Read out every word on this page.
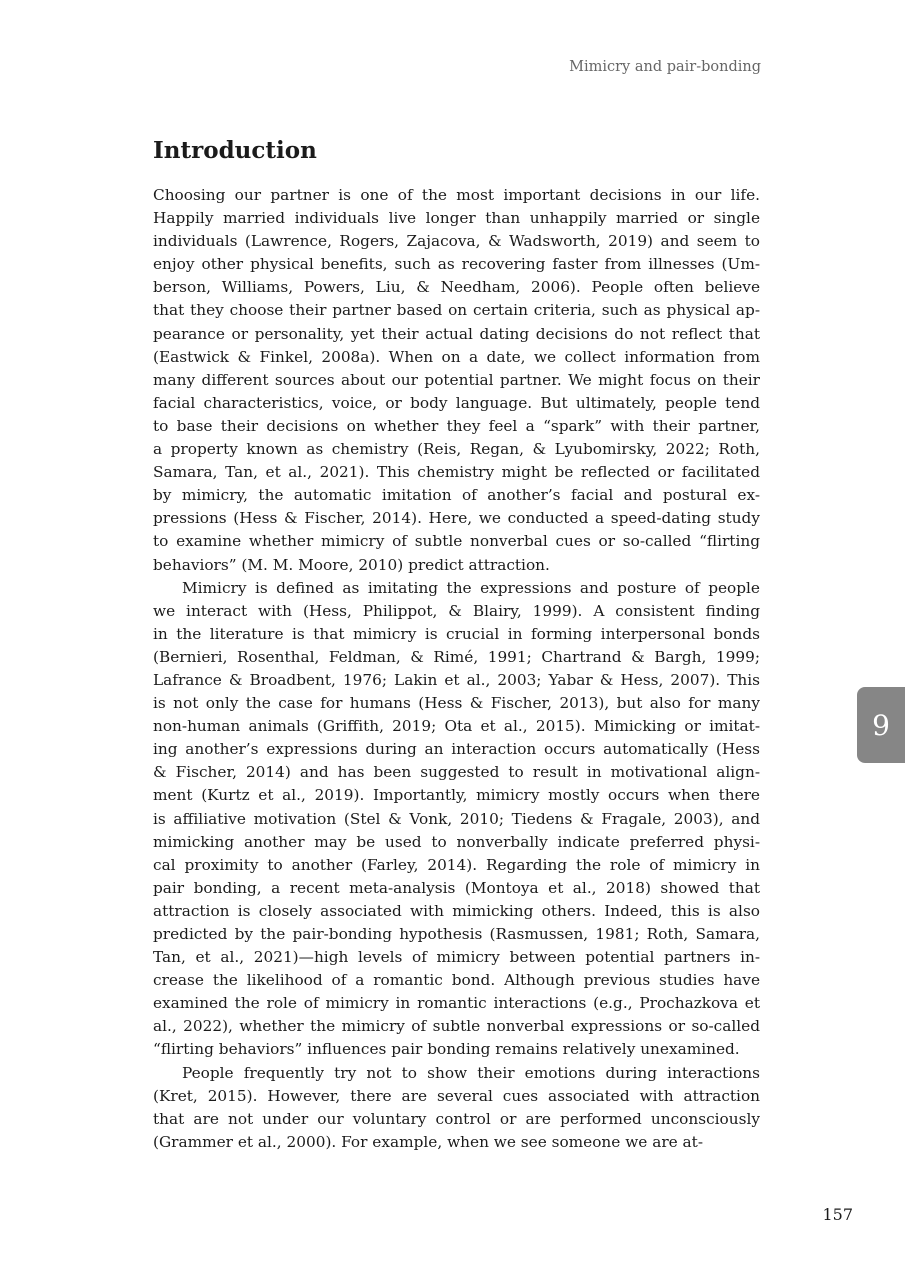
Mimicry and pair-bonding
Introduction
Choosing our partner is one of the most important decisions in our life.
Happily married individuals live longer than unhappily married or single
individuals (Lawrence, Rogers, Zajacova, & Wadsworth, 2019) and seem to
enjoy other physical benefits, such as recovering faster from illnesses (Um-
berson, Williams, Powers, Liu, & Needham, 2006). People often believe
that they choose their partner based on certain criteria, such as physical ap-
pearance or personality, yet their actual dating decisions do not reflect that
(Eastwick & Finkel, 2008a). When on a date, we collect information from
many different sources about our potential partner. We might focus on their
facial characteristics, voice, or body language. But ultimately, people tend
to base their decisions on whether they feel a “spark” with their partner,
a property known as chemistry (Reis, Regan, & Lyubomirsky, 2022; Roth,
Samara, Tan, et al., 2021). This chemistry might be reflected or facilitated
by mimicry, the automatic imitation of another’s facial and postural ex-
pressions (Hess & Fischer, 2014). Here, we conducted a speed-dating study
to examine whether mimicry of subtle nonverbal cues or so-called “flirting
behaviors” (M. M. Moore, 2010) predict attraction.
Mimicry is defined as imitating the expressions and posture of people
we interact with (Hess, Philippot, & Blairy, 1999). A consistent finding
in the literature is that mimicry is crucial in forming interpersonal bonds
(Bernieri, Rosenthal, Feldman, & Rimé, 1991; Chartrand & Bargh, 1999;
Lafrance & Broadbent, 1976; Lakin et al., 2003; Yabar & Hess, 2007). This
is not only the case for humans (Hess & Fischer, 2013), but also for many
non-human animals (Griffith, 2019; Ota et al., 2015). Mimicking or imitat-
ing another’s expressions during an interaction occurs automatically (Hess
& Fischer, 2014) and has been suggested to result in motivational align-
ment (Kurtz et al., 2019). Importantly, mimicry mostly occurs when there
is affiliative motivation (Stel & Vonk, 2010; Tiedens & Fragale, 2003), and
mimicking another may be used to nonverbally indicate preferred physi-
cal proximity to another (Farley, 2014). Regarding the role of mimicry in
pair bonding, a recent meta-analysis (Montoya et al., 2018) showed that
attraction is closely associated with mimicking others. Indeed, this is also
predicted by the pair-bonding hypothesis (Rasmussen, 1981; Roth, Samara,
Tan, et al., 2021)—high levels of mimicry between potential partners in-
crease the likelihood of a romantic bond. Although previous studies have
examined the role of mimicry in romantic interactions (e.g., Prochazkova et
al., 2022), whether the mimicry of subtle nonverbal expressions or so-called
“flirting behaviors” influences pair bonding remains relatively unexamined.
People frequently try not to show their emotions during interactions
(Kret, 2015). However, there are several cues associated with attraction
that are not under our voluntary control or are performed unconsciously
(Grammer et al., 2000). For example, when we see someone we are at-
9
157
